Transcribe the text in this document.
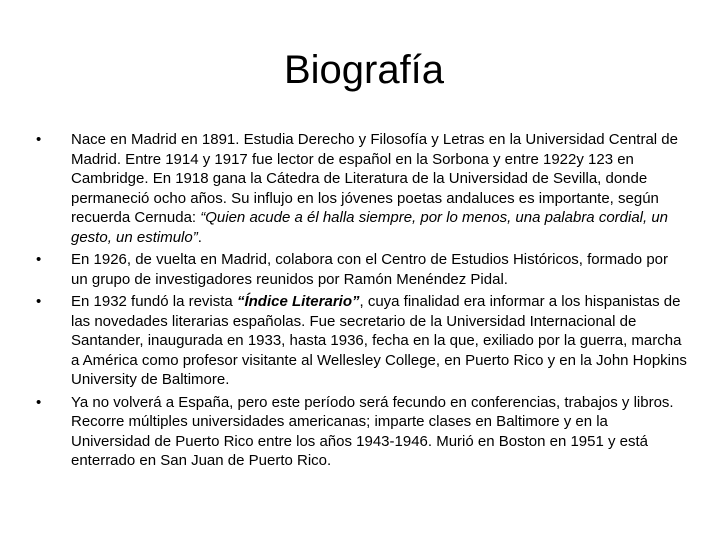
Biografía
• Nace en Madrid en 1891. Estudia Derecho y Filosofía y Letras en la Universidad Central de Madrid. Entre 1914 y 1917 fue lector de español en la Sorbona y entre 1922y 123 en Cambridge. En 1918 gana la Cátedra de Literatura de la Universidad de Sevilla, donde permaneció ocho años. Su influjo en los jóvenes poetas andaluces es importante, según recuerda Cernuda: “Quien acude a él halla siempre, por lo menos, una palabra cordial, un gesto, un estimulo”.
• En 1926, de vuelta en Madrid, colabora con el Centro de Estudios Históricos, formado por un grupo de investigadores reunidos por Ramón Menéndez Pidal.
• En 1932 fundó la revista “Índice Literario”, cuya finalidad era informar a los hispanistas de las novedades literarias españolas. Fue secretario de la Universidad Internacional de Santander, inaugurada en 1933, hasta 1936, fecha en la que, exiliado por la guerra, marcha a América como profesor visitante al Wellesley College, en Puerto Rico y en la John Hopkins University de Baltimore.
• Ya no volverá a España, pero este período será fecundo en conferencias, trabajos y libros. Recorre múltiples universidades americanas; imparte clases en Baltimore y en la Universidad de Puerto Rico entre los años 1943-1946. Murió en Boston en 1951 y está enterrado en San Juan de Puerto Rico.
